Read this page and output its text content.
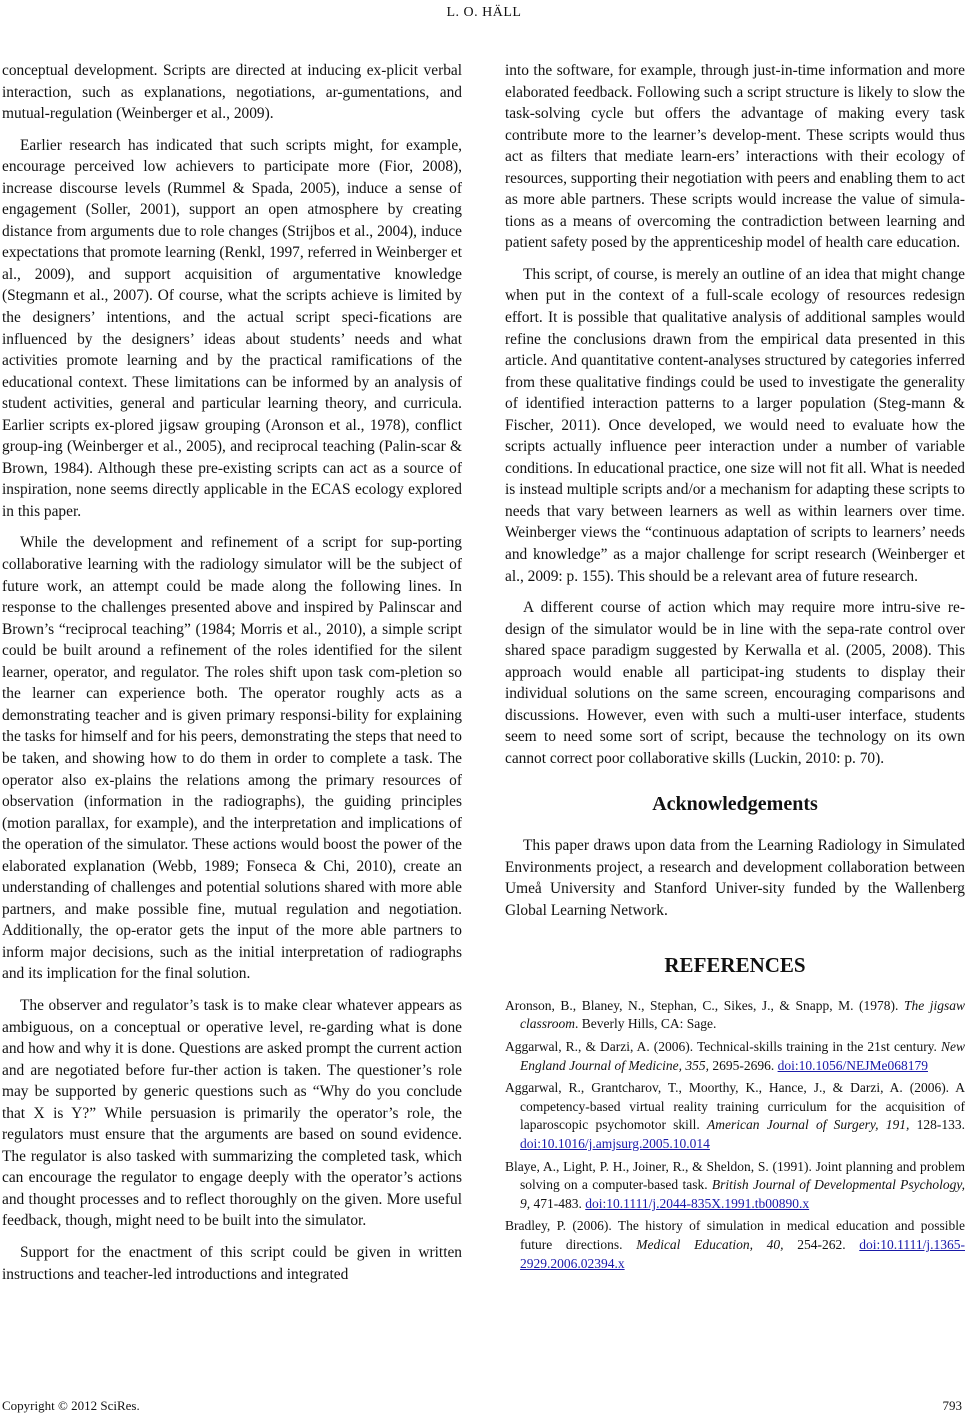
L. O. HÄLL

conceptual development. Scripts are directed at inducing ex-plicit verbal interaction, such as explanations, negotiations, ar-gumentations, and mutual-regulation (Weinberger et al., 2009).

Earlier research has indicated that such scripts might, for example, encourage perceived low achievers to participate more (Fior, 2008), increase discourse levels (Rummel & Spada, 2005), induce a sense of engagement (Soller, 2001), support an open atmosphere by creating distance from arguments due to role changes (Strijbos et al., 2004), induce expectations that promote learning (Renkl, 1997, referred in Weinberger et al., 2009), and support acquisition of argumentative knowledge (Stegmann et al., 2007). Of course, what the scripts achieve is limited by the designers’ intentions, and the actual script speci-fications are influenced by the designers’ ideas about students’ needs and what activities promote learning and by the practical ramifications of the educational context. These limitations can be informed by an analysis of student activities, general and particular learning theory, and curricula. Earlier scripts ex-plored jigsaw grouping (Aronson et al., 1978), conflict group-ing (Weinberger et al., 2005), and reciprocal teaching (Palin-scar & Brown, 1984). Although these pre-existing scripts can act as a source of inspiration, none seems directly applicable in the ECAS ecology explored in this paper.

While the development and refinement of a script for sup-porting collaborative learning with the radiology simulator will be the subject of future work, an attempt could be made along the following lines. In response to the challenges presented above and inspired by Palinscar and Brown’s “reciprocal teaching” (1984; Morris et al., 2010), a simple script could be built around a refinement of the roles identified for the silent learner, operator, and regulator. The roles shift upon task com-pletion so the learner can experience both. The operator roughly acts as a demonstrating teacher and is given primary responsi-bility for explaining the tasks for himself and for his peers, demonstrating the steps that need to be taken, and showing how to do them in order to complete a task. The operator also ex-plains the relations among the primary resources of observation (information in the radiographs), the guiding principles (motion parallax, for example), and the interpretation and implications of the operation of the simulator. These actions would boost the power of the elaborated explanation (Webb, 1989; Fonseca & Chi, 2010), create an understanding of challenges and potential solutions shared with more able partners, and make possible fine, mutual regulation and negotiation. Additionally, the op-erator gets the input of the more able partners to inform major decisions, such as the initial interpretation of radiographs and its implication for the final solution.

The observer and regulator’s task is to make clear whatever appears as ambiguous, on a conceptual or operative level, re-garding what is done and how and why it is done. Questions are asked prompt the current action and are negotiated before fur-ther action is taken. The questioner’s role may be supported by generic questions such as “Why do you conclude that X is Y?” While persuasion is primarily the operator’s role, the regulators must ensure that the arguments are based on sound evidence. The regulator is also tasked with summarizing the completed task, which can encourage the regulator to engage deeply with the operator’s actions and thought processes and to reflect thoroughly on the given. More useful feedback, though, might need to be built into the simulator.

Support for the enactment of this script could be given in written instructions and teacher-led introductions and integrated

into the software, for example, through just-in-time information and more elaborated feedback. Following such a script structure is likely to slow the task-solving cycle but offers the advantage of making every task contribute more to the learner’s develop-ment. These scripts would thus act as filters that mediate learn-ers’ interactions with their ecology of resources, supporting their negotiation with peers and enabling them to act as more able partners. These scripts would increase the value of simula-tions as a means of overcoming the contradiction between learning and patient safety posed by the apprenticeship model of health care education.

This script, of course, is merely an outline of an idea that might change when put in the context of a full-scale ecology of resources redesign effort. It is possible that qualitative analysis of additional samples would refine the conclusions drawn from the empirical data presented in this article. And quantitative content-analyses structured by categories inferred from these qualitative findings could be used to investigate the generality of identified interaction patterns to a larger population (Steg-mann & Fischer, 2011). Once developed, we would need to evaluate how the scripts actually influence peer interaction under a number of variable conditions. In educational practice, one size will not fit all. What is needed is instead multiple scripts and/or a mechanism for adapting these scripts to needs that vary between learners as well as within learners over time. Weinberger views the “continuous adaptation of scripts to learners’ needs and knowledge” as a major challenge for script research (Weinberger et al., 2009: p. 155). This should be a relevant area of future research.

A different course of action which may require more intru-sive re-design of the simulator would be in line with the sepa-rate control over shared space paradigm suggested by Kerwalla et al. (2005, 2008). This approach would enable all participat-ing students to display their individual solutions on the same screen, encouraging comparisons and discussions. However, even with such a multi-user interface, students seem to need some sort of script, because the technology on its own cannot correct poor collaborative skills (Luckin, 2010: p. 70).

Acknowledgements

This paper draws upon data from the Learning Radiology in Simulated Environments project, a research and development collaboration between Umeå University and Stanford Univer-sity funded by the Wallenberg Global Learning Network.

REFERENCES
Aronson, B., Blaney, N., Stephan, C., Sikes, J., & Snapp, M. (1978). The jigsaw classroom. Beverly Hills, CA: Sage.
Aggarwal, R., & Darzi, A. (2006). Technical-skills training in the 21st century. New England Journal of Medicine, 355, 2695-2696. doi:10.1056/NEJMe068179
Aggarwal, R., Grantcharov, T., Moorthy, K., Hance, J., & Darzi, A. (2006). A competency-based virtual reality training curriculum for the acquisition of laparoscopic psychomotor skill. American Journal of Surgery, 191, 128-133. doi:10.1016/j.amjsurg.2005.10.014
Blaye, A., Light, P. H., Joiner, R., & Sheldon, S. (1991). Joint planning and problem solving on a computer-based task. British Journal of Developmental Psychology, 9, 471-483. doi:10.1111/j.2044-835X.1991.tb00890.x
Bradley, P. (2006). The history of simulation in medical education and possible future directions. Medical Education, 40, 254-262. doi:10.1111/j.1365-2929.2006.02394.x
Copyright © 2012 SciRes.	793
